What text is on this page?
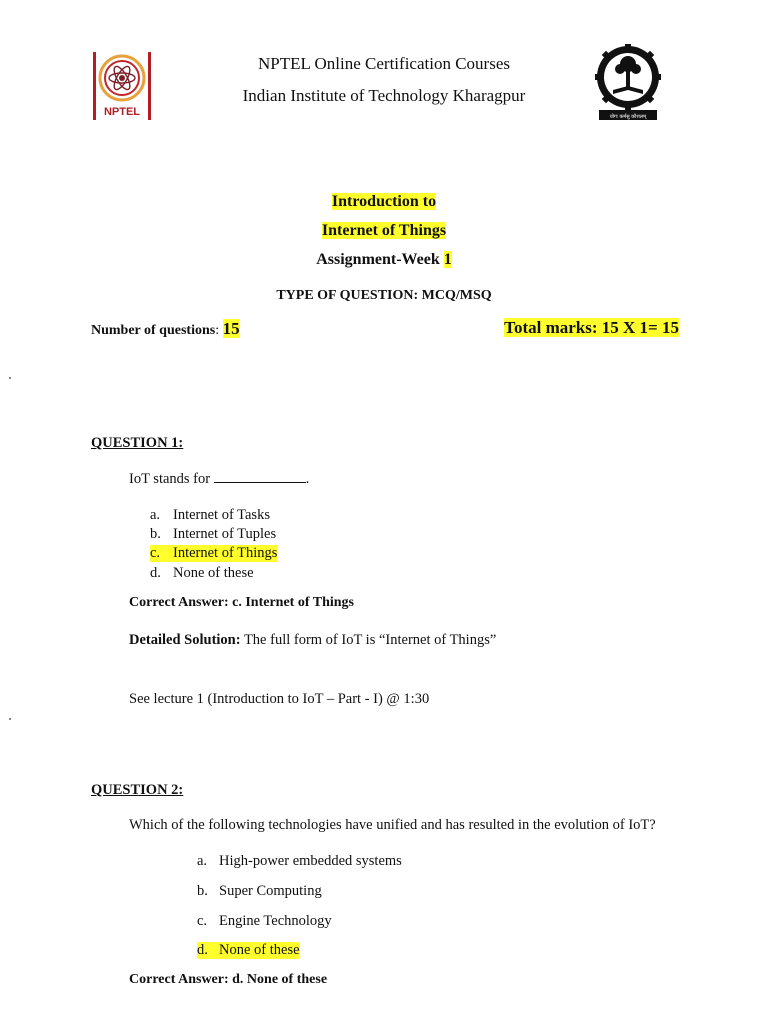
NPTEL	योगः कर्मसु कौशलम्
NPTEL Online Certification Courses
Indian Institute of Technology Kharagpur
Introduction to
Internet of Things
Assignment-Week 1
TYPE OF QUESTION: MCQ/MSQ
Number of questions: 15	Total marks: 15 X 1= 15
QUESTION 1:
IoT stands for	.
a. Internet of Tasks
b. Internet of Tuples
c. Internet of Things
d. None of these
Correct Answer: c. Internet of Things
Detailed Solution: The full form of IoT is “Internet of Things”
See lecture 1 (Introduction to IoT – Part - I) @ 1:30
QUESTION 2:
Which of the following technologies have unified and has resulted in the evolution of IoT?
a. High-power embedded systems
b. Super Computing
c. Engine Technology
d. None of these
Correct Answer: d. None of these
